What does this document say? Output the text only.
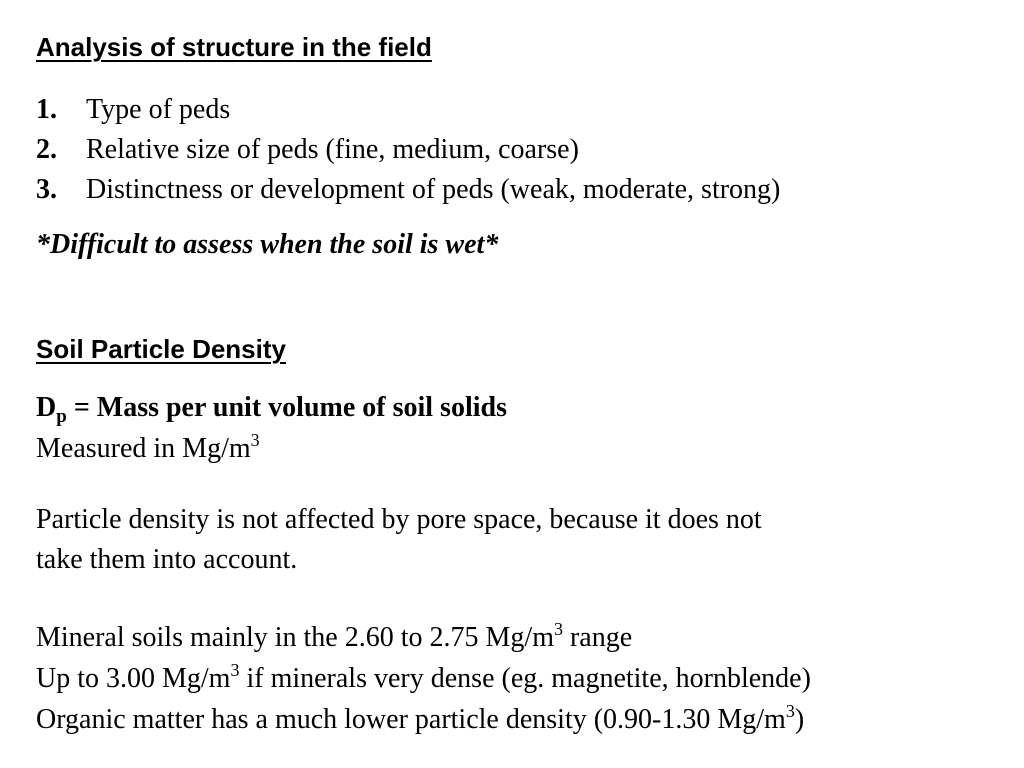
Analysis of structure in the field
1. Type of peds
2. Relative size of peds (fine, medium, coarse)
3. Distinctness or development of peds (weak, moderate, strong)

*Difficult to assess when the soil is wet*

Soil Particle Density

$D_p$ = Mass per unit volume of soil solids

Measured in $Mg/m^3$

Particle density is not affected by pore space, because it does not
take them into account.

Mineral soils mainly in the 2.60 to 2.75 $Mg/m^3$ range

Up to 3.00 $Mg/m^3$ if minerals very dense (eg. magnetite, hornblende)

Organic matter has a much lower particle density (0.90-1.30 $Mg/m^3$)
